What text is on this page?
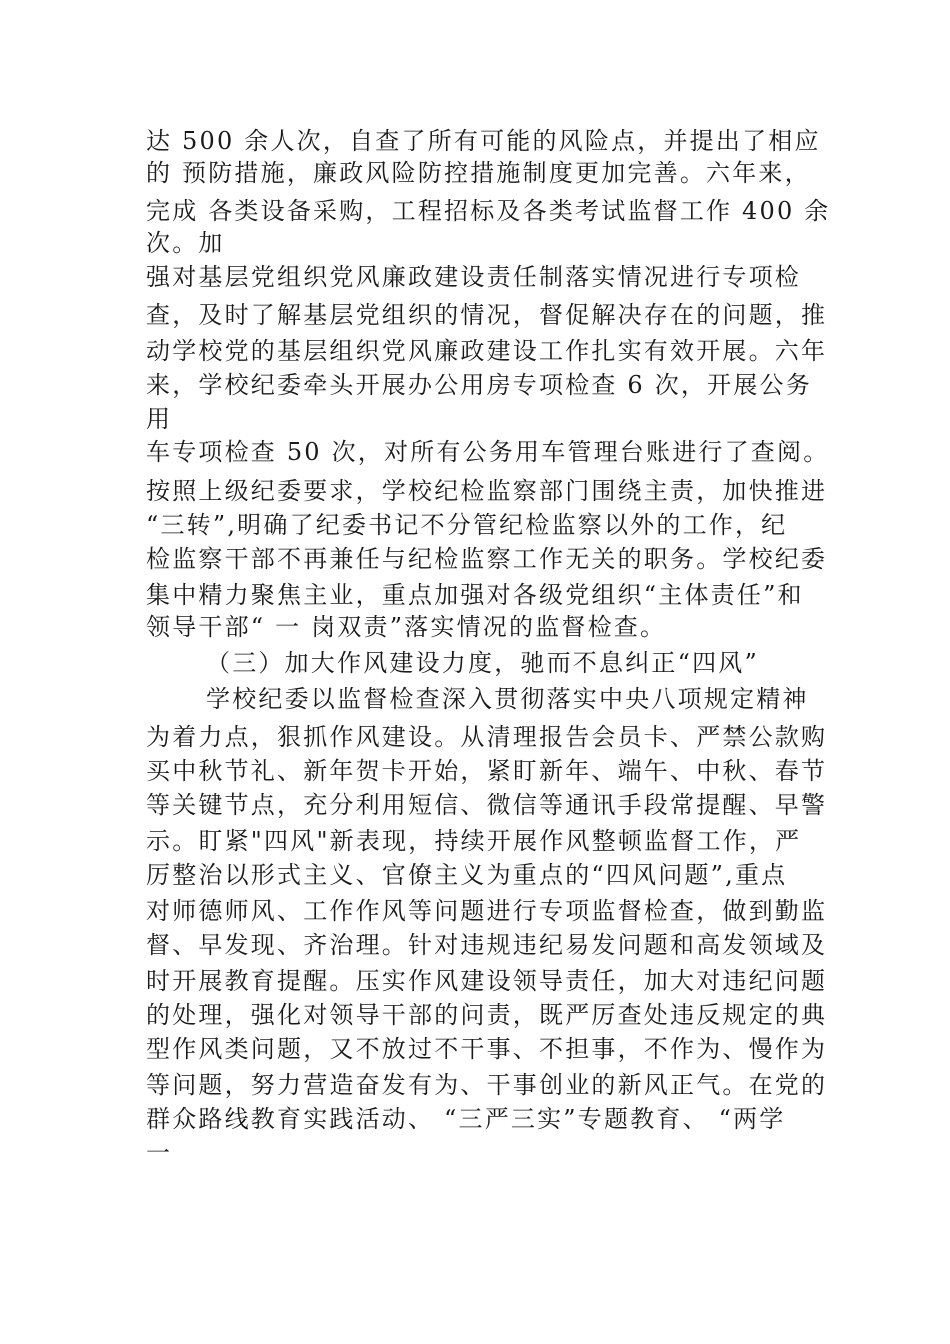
达 500 余人次，自查了所有可能的风险点，并提出了相应
的 预防措施，廉政风险防控措施制度更加完善。六年来，
完成 各类设备采购，工程招标及各类考试监督工作 400 余
次。加
强对基层党组织党风廉政建设责任制落实情况进行专项检
查，及时了解基层党组织的情况，督促解决存在的问题，推
动学校党的基层组织党风廉政建设工作扎实有效开展。六年
来，学校纪委牵头开展办公用房专项检查 6 次，开展公务
用
车专项检查 50 次，对所有公务用车管理台账进行了查阅。
按照上级纪委要求，学校纪检监察部门围绕主责，加快推进
“三转”,明确了纪委书记不分管纪检监察以外的工作，纪
检监察干部不再兼任与纪检监察工作无关的职务。学校纪委
集中精力聚焦主业，重点加强对各级党组织“主体责任”和
领导干部“ 一 岗双责”落实情况的监督检查。
（三）加大作风建设力度，驰而不息纠正“四风”
学校纪委以监督检查深入贯彻落实中央八项规定精神
为着力点，狠抓作风建设。从清理报告会员卡、严禁公款购
买中秋节礼、新年贺卡开始，紧盯新年、端午、中秋、春节
等关键节点，充分利用短信、微信等通讯手段常提醒、早警
示。盯紧"四风"新表现，持续开展作风整顿监督工作，严
厉整治以形式主义、官僚主义为重点的“四风问题”,重点
对师德师风、工作作风等问题进行专项监督检查，做到勤监
督、早发现、齐治理。针对违规违纪易发问题和高发领域及
时开展教育提醒。压实作风建设领导责任，加大对违纪问题
的处理，强化对领导干部的问责，既严厉查处违反规定的典
型作风类问题，又不放过不干事、不担事，不作为、慢作为
等问题，努力营造奋发有为、干事创业的新风正气。在党的
群众路线教育实践活动、 “三严三实”专题教育、 “两学
一
